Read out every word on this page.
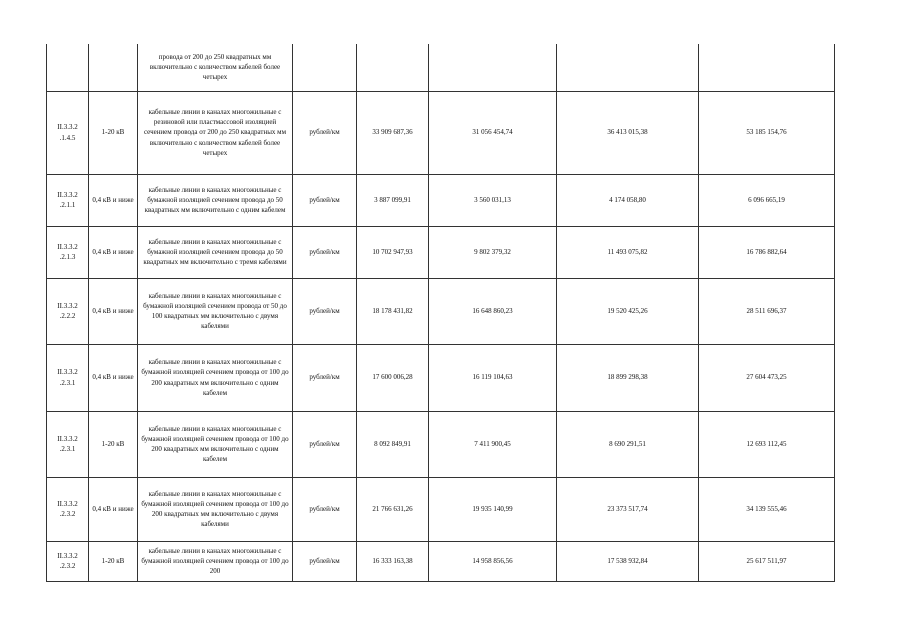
		провода от 200 до 250 квадратных мм включительно с количеством кабелей более четырех					
II.3.3.2 .1.4.5	1-20 кВ	кабельные линии в каналах многожильные с резиновой или пластмассовой изоляцией сечением провода от 200 до 250 квадратных мм включительно с количеством кабелей более четырех	рублей/км	33 909 687,36	31 056 454,74	36 413 015,38	53 185 154,76
II.3.3.2 .2.1.1	0,4 кВ и ниже	кабельные линии в каналах многожильные с бумажной изоляцией сечением провода до 50 квадратных мм включительно с одним кабелем	рублей/км	3 887 099,91	3 560 031,13	4 174 058,80	6 096 665,19
II.3.3.2 .2.1.3	0,4 кВ и ниже	кабельные линии в каналах многожильные с бумажной изоляцией сечением провода до 50 квадратных мм включительно с тремя кабелями	рублей/км	10 702 947,93	9 802 379,32	11 493 075,82	16 786 882,64
II.3.3.2 .2.2.2	0,4 кВ и ниже	кабельные линии в каналах многожильные с бумажной изоляцией сечением провода от 50 до 100 квадратных мм включительно с двумя кабелями	рублей/км	18 178 431,82	16 648 860,23	19 520 425,26	28 511 696,37
II.3.3.2 .2.3.1	0,4 кВ и ниже	кабельные линии в каналах многожильные с бумажной изоляцией сечением провода от 100 до 200 квадратных мм включительно с одним кабелем	рублей/км	17 600 006,28	16 119 104,63	18 899 298,38	27 604 473,25
II.3.3.2 .2.3.1	1-20 кВ	кабельные линии в каналах многожильные с бумажной изоляцией сечением провода от 100 до 200 квадратных мм включительно с одним кабелем	рублей/км	8 092 849,91	7 411 900,45	8 690 291,51	12 693 112,45
II.3.3.2 .2.3.2	0,4 кВ и ниже	кабельные линии в каналах многожильные с бумажной изоляцией сечением провода от 100 до 200 квадратных мм включительно с двумя кабелями	рублей/км	21 766 631,26	19 935 140,99	23 373 517,74	34 139 555,46
II.3.3.2 .2.3.2	1-20 кВ	кабельные линии в каналах многожильные с бумажной изоляцией сечением провода от 100 до 200	рублей/км	16 333 163,38	14 958 856,56	17 538 932,84	25 617 511,97
